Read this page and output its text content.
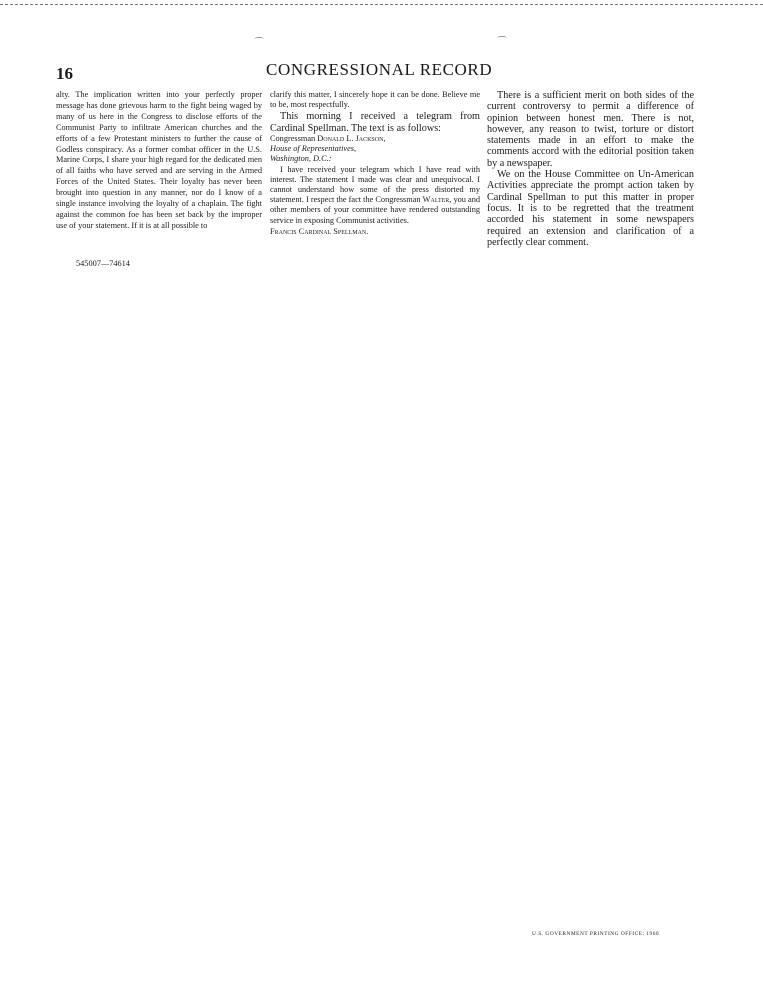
⌒	⌒
16	CONGRESSIONAL RECORD

alty. The implication written into your perfectly proper message has done grievous harm to the fight being waged by many of us here in the Congress to disclose efforts of the Communist Party to infiltrate American churches and the efforts of a few Protestant ministers to further the cause of Godless conspiracy. As a former combat officer in the U.S. Marine Corps, I share your high regard for the dedicated men of all faiths who have served and are serving in the Armed Forces of the United States. Their loyalty has never been brought into question in any manner, nor do I know of a single instance involving the loyalty of a chaplain. The fight against the common foe has been set back by the improper use of your statement. If it is at all possible to

545007—74614

clarify this matter, I sincerely hope it can be done. Believe me to be, most respectfully.

This morning I received a telegram from Cardinal Spellman. The text is as follows:

Congressman Donald L. Jackson,

House of Representatives,

Washington, D.C.:

I have received your telegram which I have read with interest. The statement I made was clear and unequivocal. I cannot understand how some of the press distorted my statement. I respect the fact the Congressman Walter, you and other members of your committee have rendered outstanding service in exposing Communist activities.

Francis Cardinal Spellman.

There is a sufficient merit on both sides of the current controversy to permit a difference of opinion between honest men. There is not, however, any reason to twist, torture or distort statements made in an effort to make the comments accord with the editorial position taken by a newspaper.

We on the House Committee on Un-American Activities appreciate the prompt action taken by Cardinal Spellman to put this matter in proper focus. It is to be regretted that the treatment accorded his statement in some newspapers required an extension and clarification of a perfectly clear comment.

U.S. GOVERNMENT PRINTING OFFICE: 1960
